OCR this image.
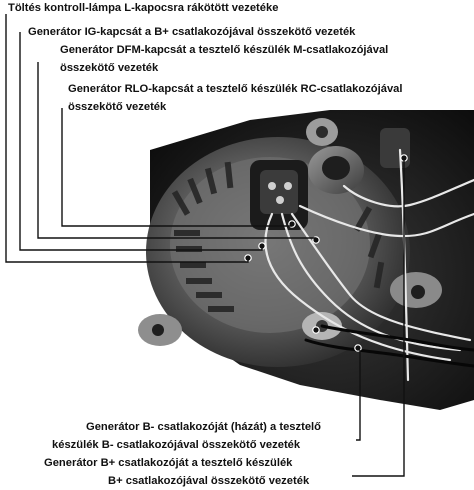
Töltés kontroll-lámpa L-kapocsra rákötött vezetéke
Generátor IG-kapcsát a B+ csatlakozójával összekötő vezeték
Generátor DFM-kapcsát a tesztelő készülék M-csatlakozójával
összekötő vezeték
Generátor RLO-kapcsát a tesztelő készülék RC-csatlakozójával
összekötő vezeték
Generátor B- csatlakozóját (házát) a tesztelő
készülék B- csatlakozójával összekötő vezeték
Generátor B+ csatlakozóját a tesztelő készülék
B+ csatlakozójával összekötő vezeték
